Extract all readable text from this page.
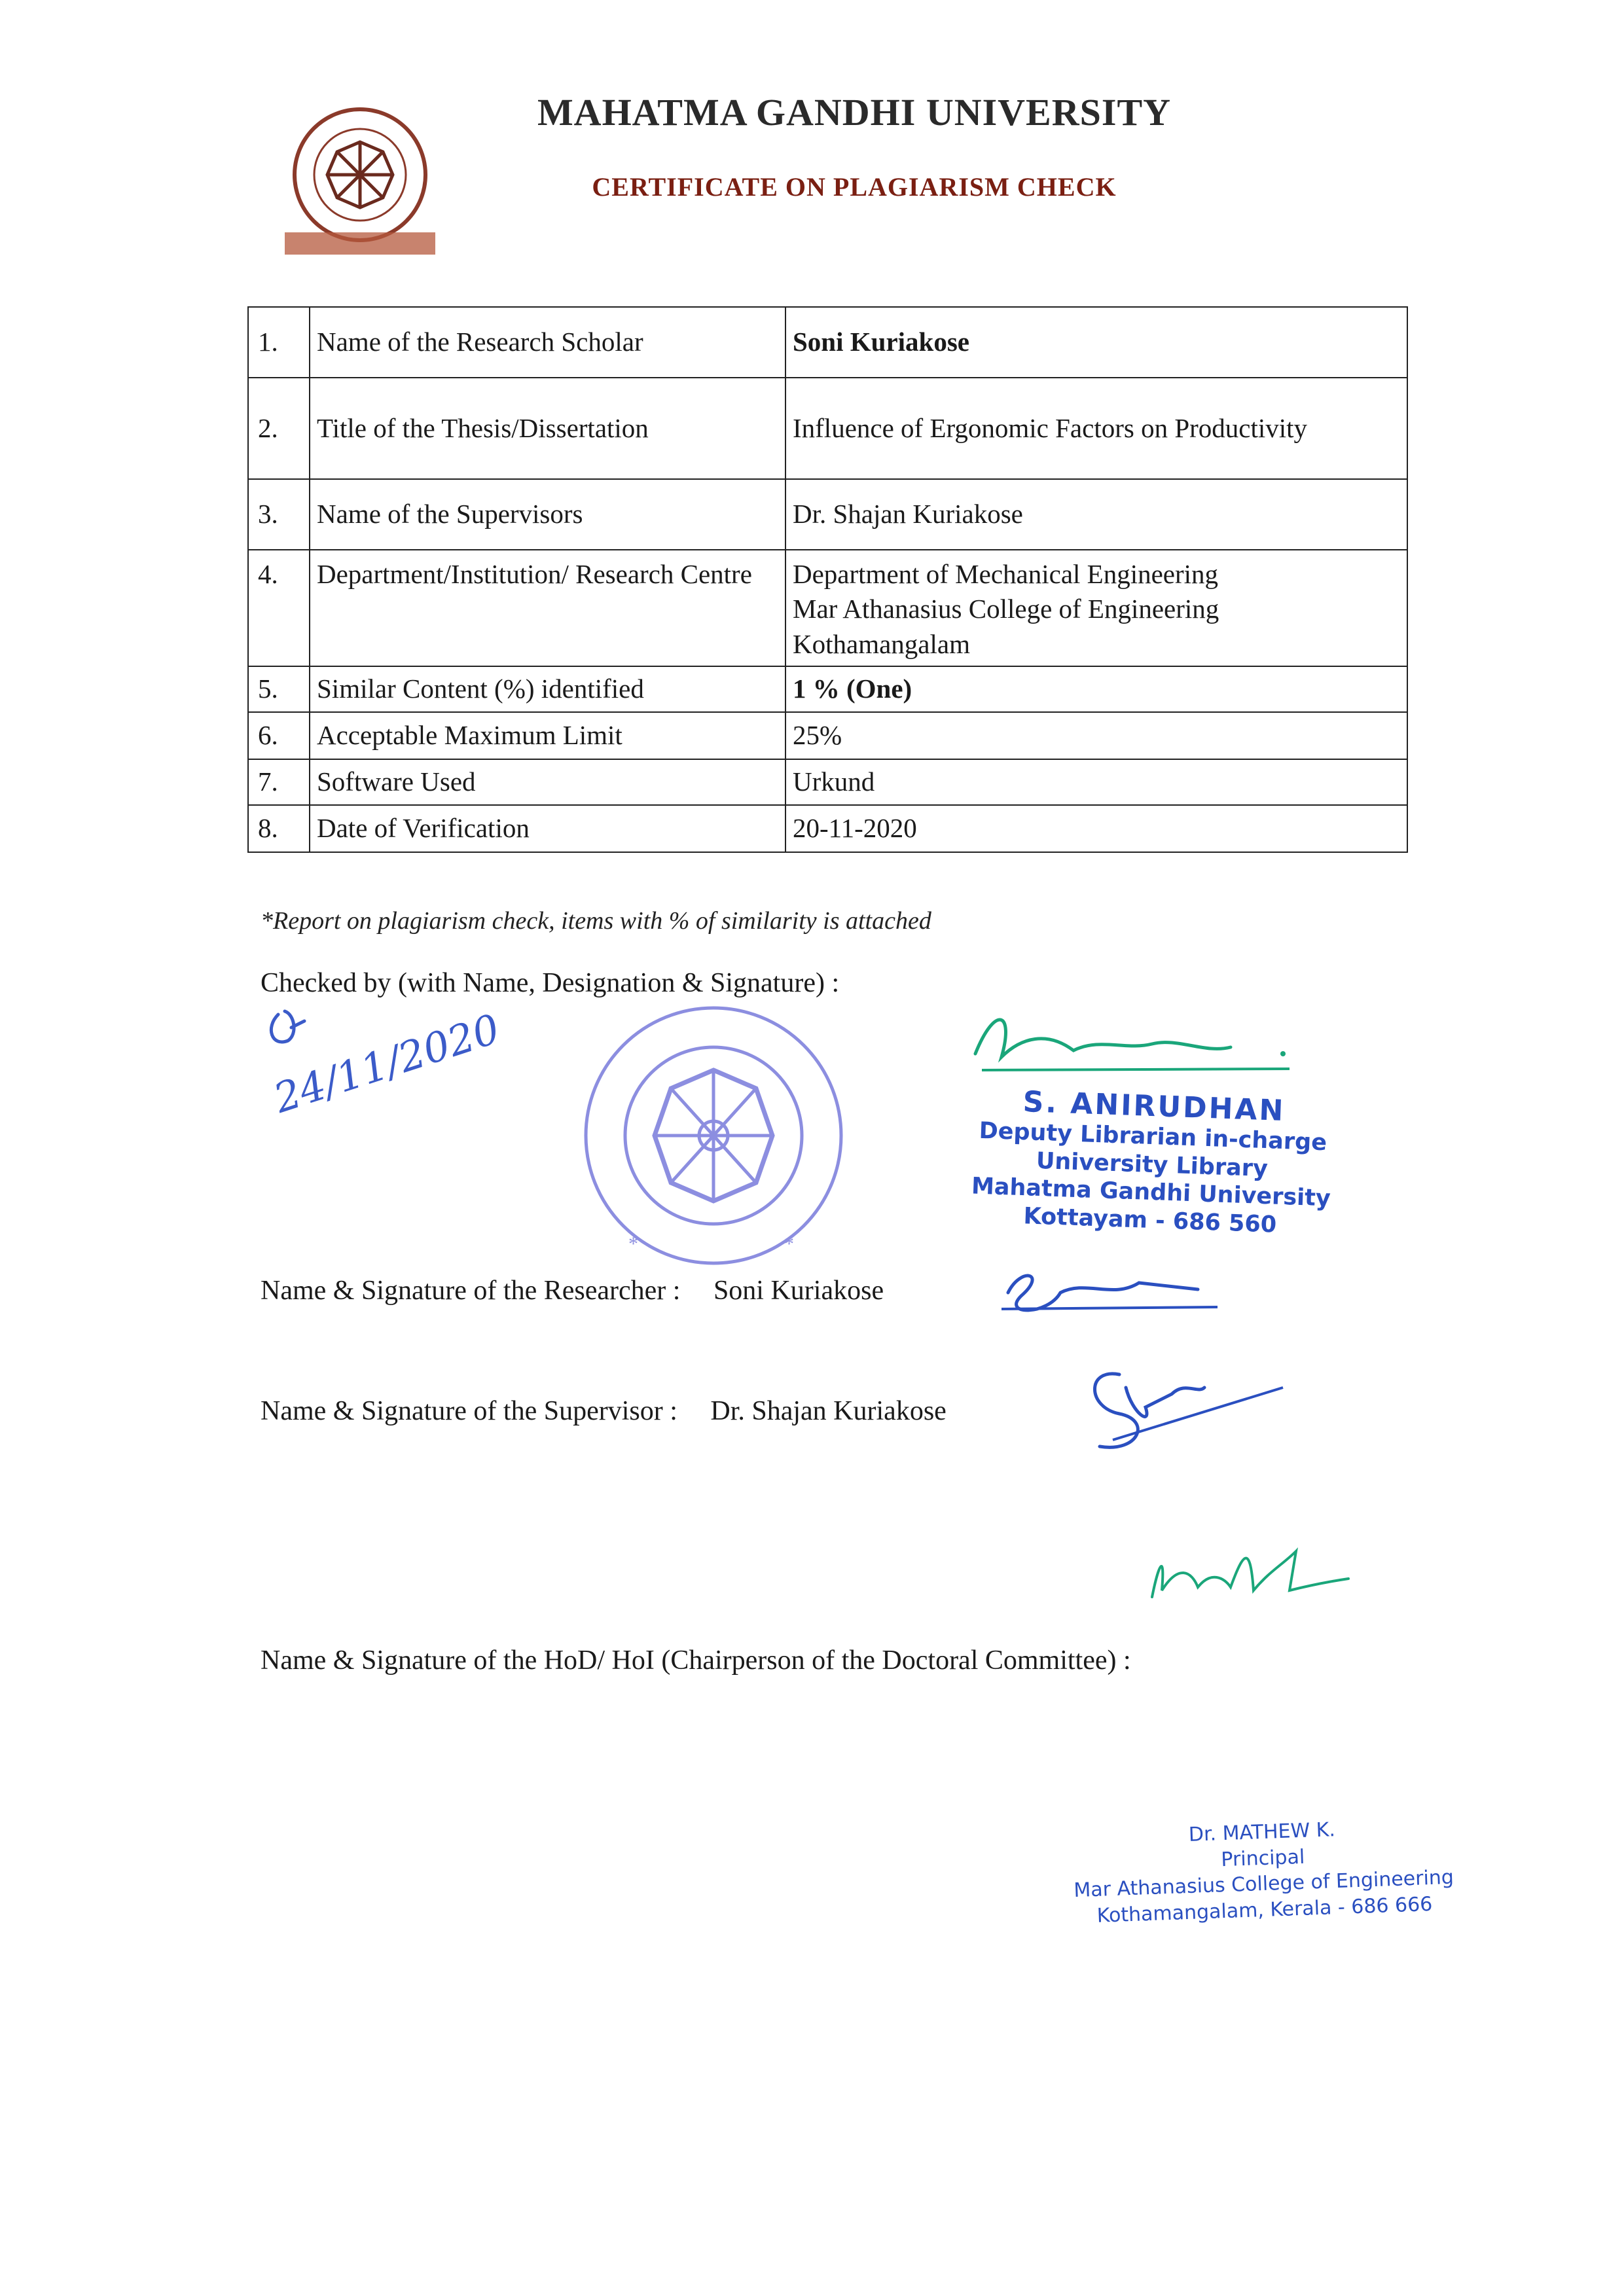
MAHATMA GANDHI UNIVERSITY
CERTIFICATE ON PLAGIARISM CHECK
1.	Name of the Research Scholar	Soni Kuriakose
2.	Title of the Thesis/Dissertation	Influence of Ergonomic Factors on Productivity
3.	Name of the Supervisors	Dr. Shajan Kuriakose
4.	Department/Institution/ Research Centre	Department of Mechanical Engineering
Mar Athanasius College of Engineering
Kothamangalam

5.	Similar Content (%) identified	1 % (One)
6.	Acceptable Maximum Limit	25%
7.	Software Used	Urkund
8.	Date of Verification	20-11-2020
*Report on plagiarism check, items with % of similarity is attached
Checked by (with Name, Designation & Signature) :
24/11/2020
*	*
S. ANIRUDHAN
Deputy Librarian in-charge
University Library
Mahatma Gandhi University
Kottayam - 686 560
Name & Signature of the Researcher : Soni Kuriakose
Name & Signature of the Supervisor : Dr. Shajan Kuriakose
Name & Signature of the HoD/ HoI (Chairperson of the Doctoral Committee) :
Dr. MATHEW K.
Principal
Mar Athanasius College of Engineering
Kothamangalam, Kerala - 686 666
